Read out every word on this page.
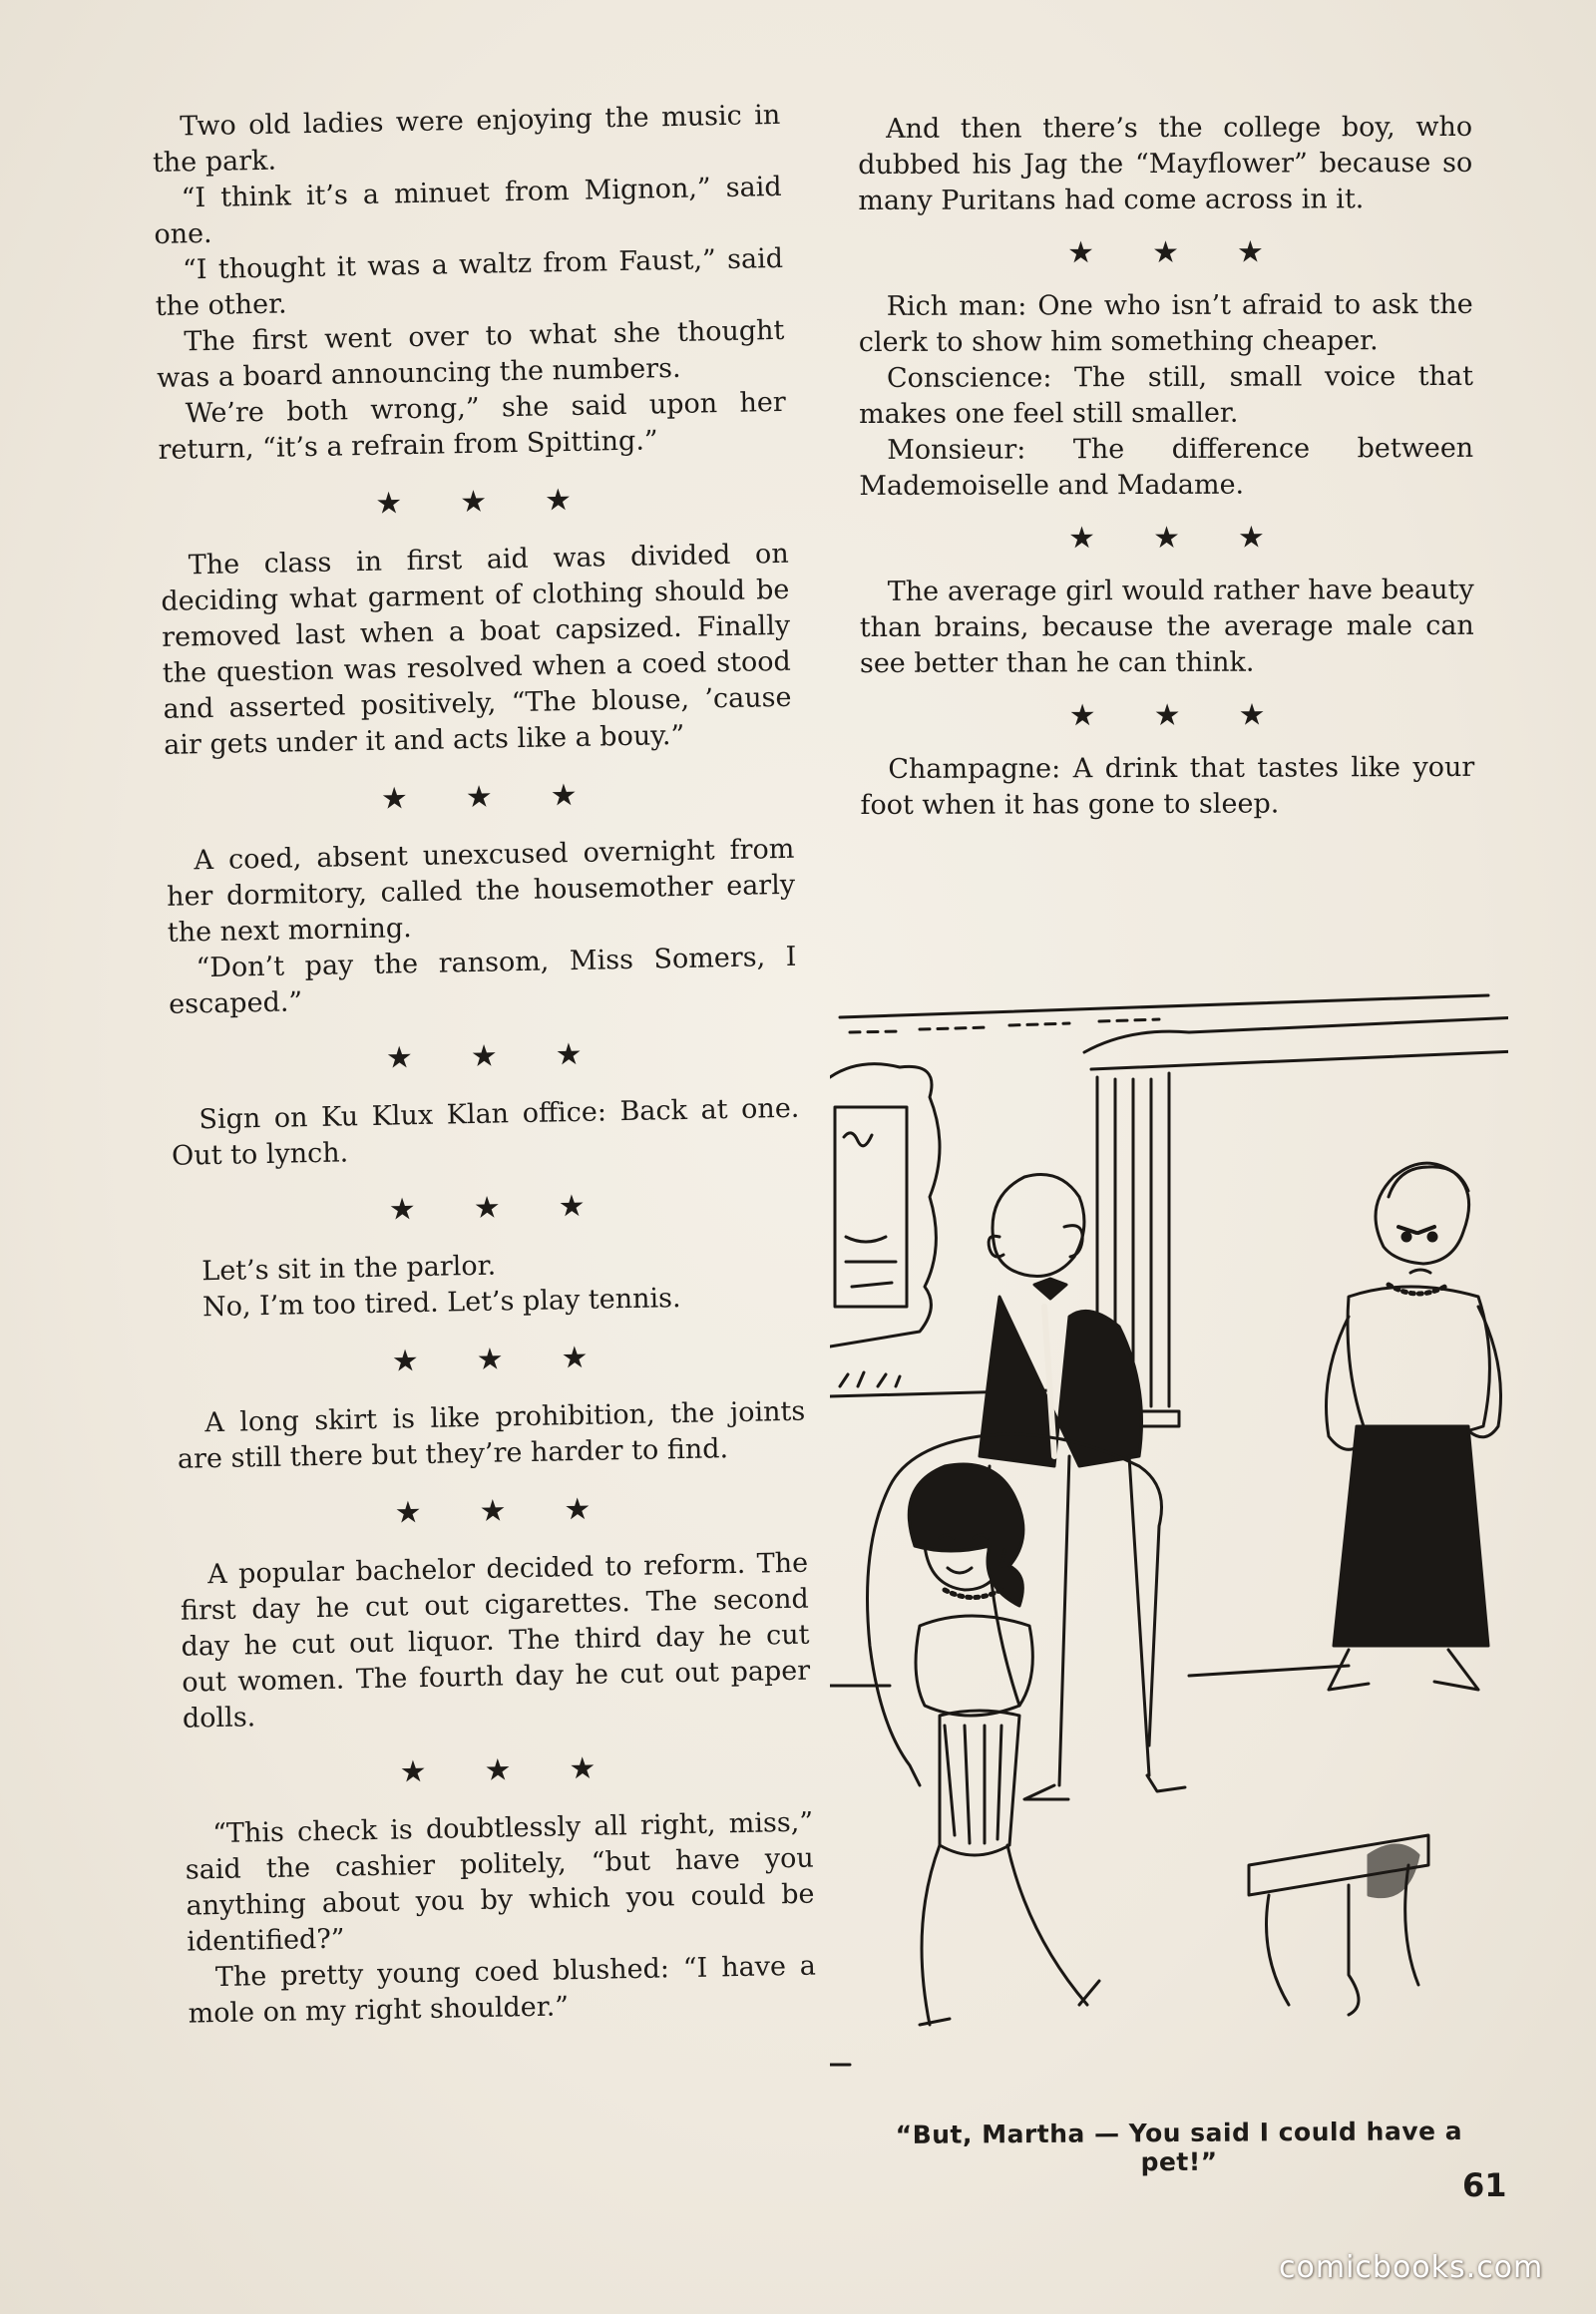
Two old ladies were enjoying the music in the park.

“I think it’s a minuet from Mignon,” said one.

“I thought it was a waltz from Faust,” said the other.

The first went over to what she thought was a board announcing the numbers.

We’re both wrong,” she said upon her return, “it’s a refrain from Spitting.”

★★★

The class in first aid was divided on deciding what garment of clothing should be removed last when a boat capsized. Finally the question was resolved when a coed stood and asserted positively, “The blouse, ’cause air gets under it and acts like a bouy.”

★★★

A coed, absent unexcused overnight from her dormitory, called the housemother early the next morning.

“Don’t pay the ransom, Miss Somers, I escaped.”

★★★

Sign on Ku Klux Klan office: Back at one. Out to lynch.

★★★

Let’s sit in the parlor.

No, I’m too tired. Let’s play tennis.

★★★

A long skirt is like prohibition, the joints are still there but they’re harder to find.

★★★

A popular bachelor decided to reform. The first day he cut out cigarettes. The second day he cut out liquor. The third day he cut out women. The fourth day he cut out paper dolls.

★★★

“This check is doubtlessly all right, miss,” said the cashier politely, “but have you anything about you by which you could be identified?”

The pretty young coed blushed: “I have a mole on my right shoulder.”

And then there’s the college boy, who dubbed his Jag the “Mayflower” because so many Puritans had come across in it.

★★★

Rich man: One who isn’t afraid to ask the clerk to show him something cheaper.

Conscience: The still, small voice that makes one feel still smaller.

Monsieur: The difference between Mademoiselle and Madame.

★★★

The average girl would rather have beauty than brains, because the average male can see better than he can think.

★★★

Champagne: A drink that tastes like your foot when it has gone to sleep.

“But, Martha — You said I could have a pet!”
61
comicbooks.com
